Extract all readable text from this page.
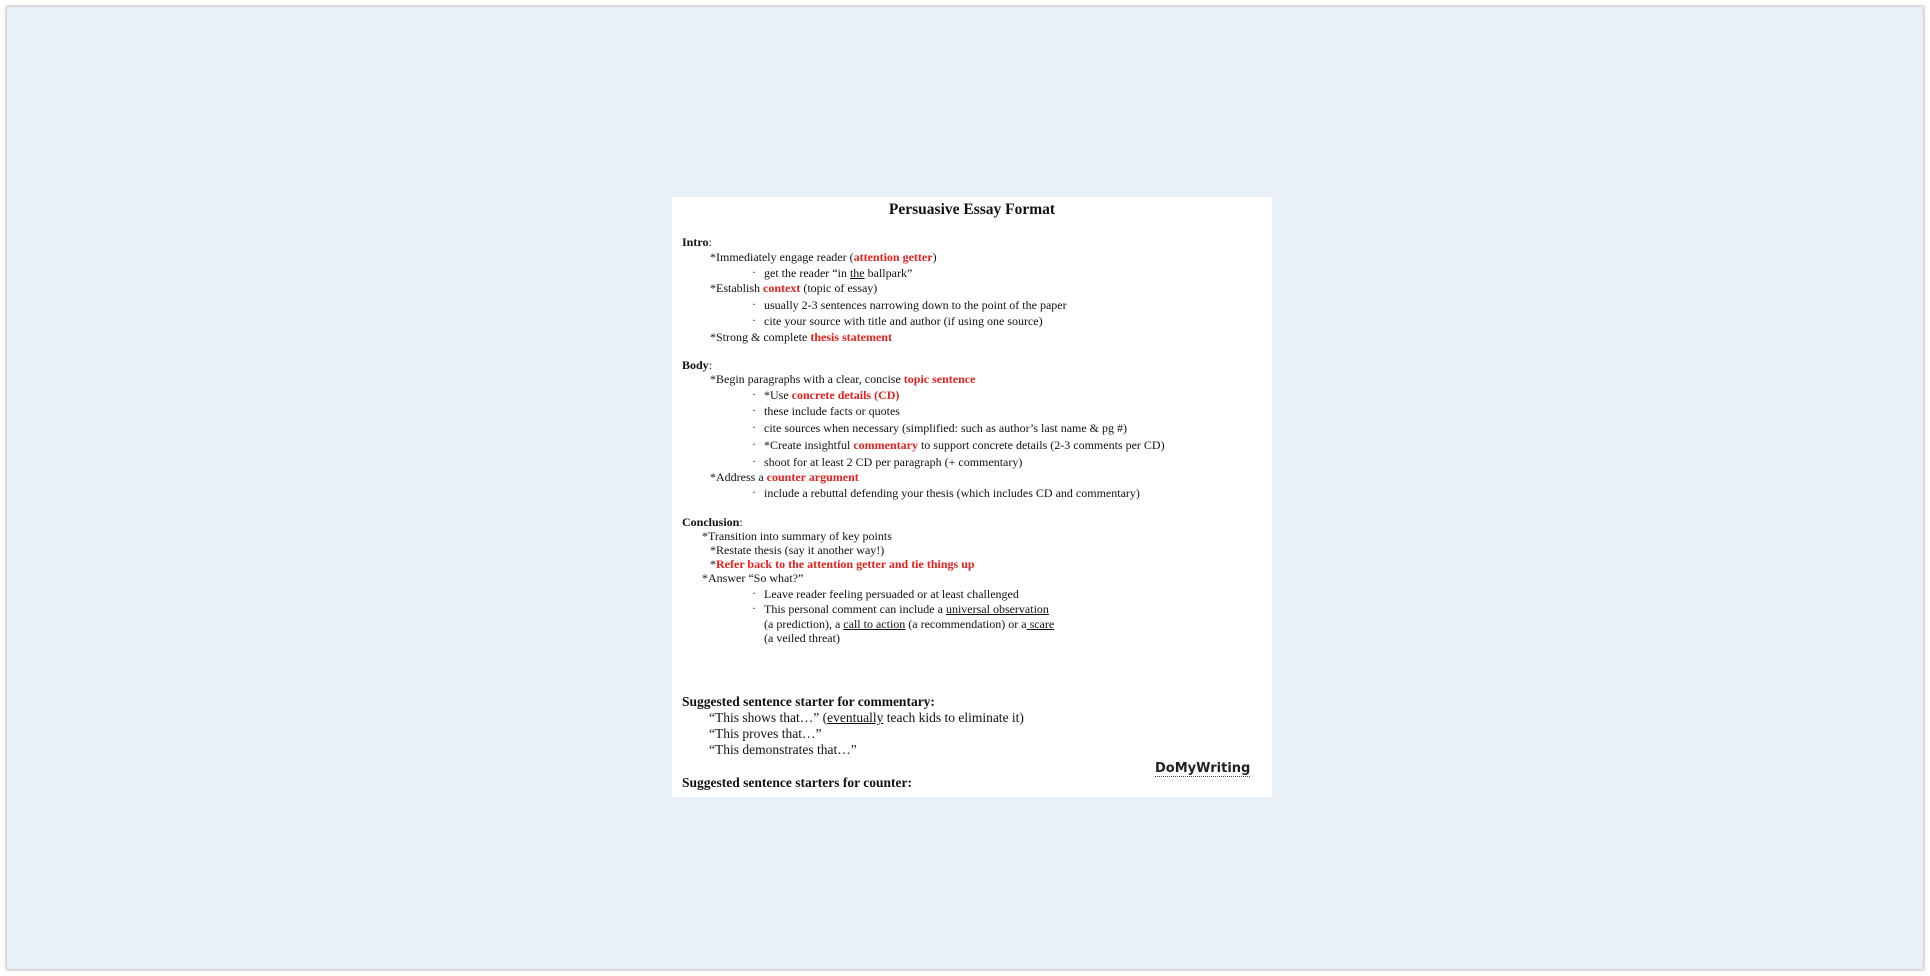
Persuasive Essay Format
Intro:
*Immediately engage reader (attention getter)
· get the reader “in the ballpark”
*Establish context (topic of essay)
· usually 2-3 sentences narrowing down to the point of the paper
· cite your source with title and author (if using one source)
*Strong & complete thesis statement
Body:
*Begin paragraphs with a clear, concise topic sentence
· *Use concrete details (CD)
· these include facts or quotes
· cite sources when necessary (simplified: such as author’s last name & pg #)
· *Create insightful commentary to support concrete details (2-3 comments per CD)
· shoot for at least 2 CD per paragraph (+ commentary)
*Address a counter argument
· include a rebuttal defending your thesis (which includes CD and commentary)
Conclusion:
*Transition into summary of key points
*Restate thesis (say it another way!)
*Refer back to the attention getter and tie things up
*Answer “So what?”
· Leave reader feeling persuaded or at least challenged
· This personal comment can include a universal observation
(a prediction), a call to action (a recommendation) or a scare
(a veiled threat)
Suggested sentence starter for commentary:
“This shows that…” (eventually teach kids to eliminate it)
“This proves that…”
“This demonstrates that…”
DoMyWriting
Suggested sentence starters for counter:
